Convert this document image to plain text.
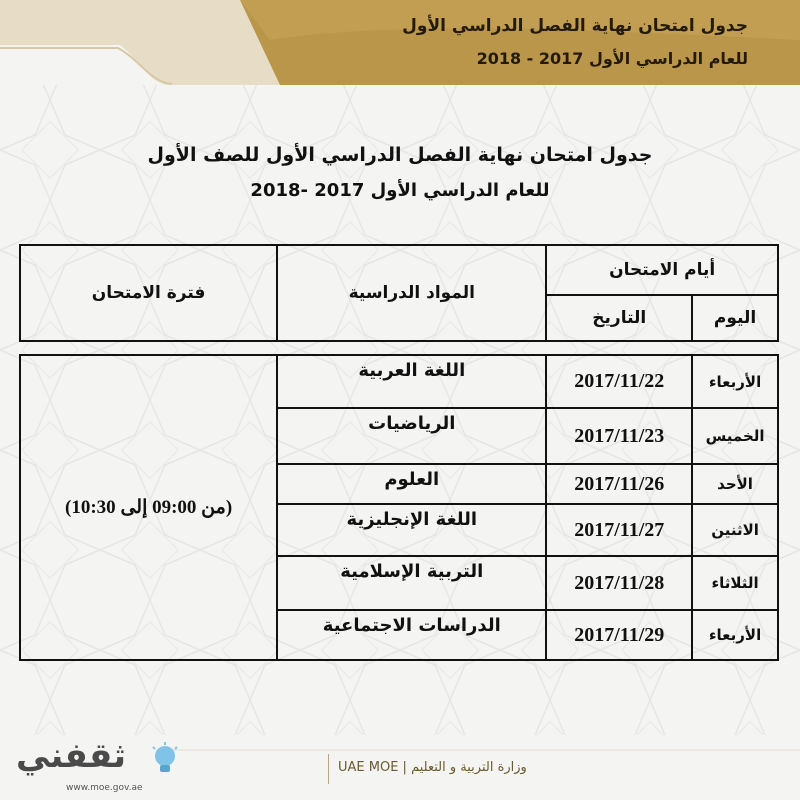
جدول امتحان نهاية الفصل الدراسي الأول
للعام الدراسي الأول 2017 - 2018
جدول امتحان نهاية الفصل الدراسي الأول للصف الأول
للعام الدراسي الأول 2017 -2018
أيام الامتحان		المواد الدراسية	فترة الامتحان
اليوم	التاريخ		

الأربعاء	2017/11/22	اللغة العربية	(من 09:00 إلى 10:30)
الخميس	2017/11/23	الرياضيات	

الأحد	2017/11/26	العلوم	

الاثنين	2017/11/27	اللغة الإنجليزية	

الثلاثاء	2017/11/28	التربية الإسلامية	

الأربعاء	2017/11/29	الدراسات الاجتماعية	
وزارة التربية و التعليم | UAE MOE
ثقفني
www.moe.gov.ae
